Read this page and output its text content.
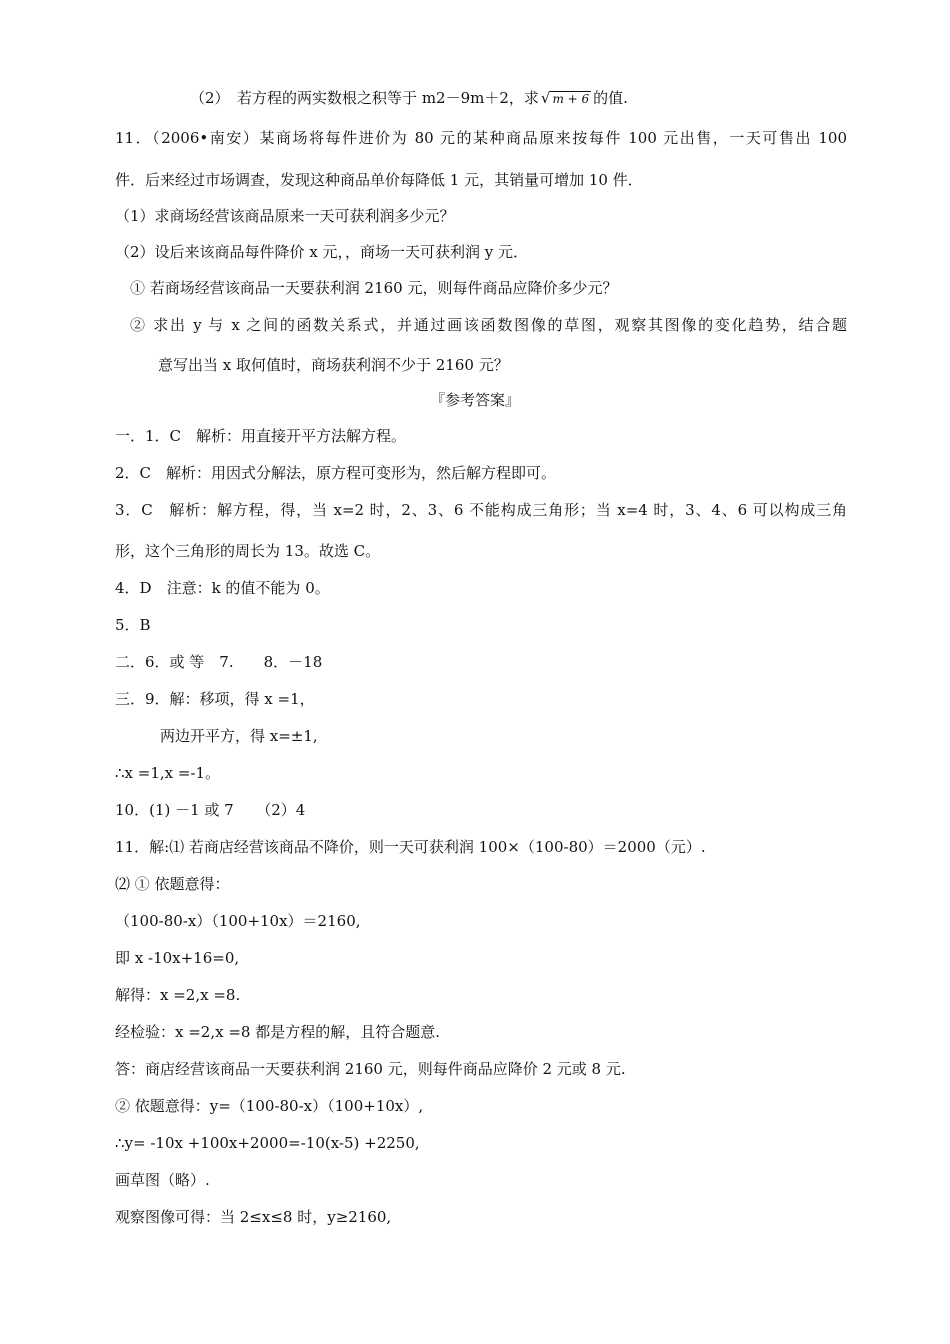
（2）　若方程的两实数根之积等于 m2－9m＋2，求 √ m + 6 的值.
11．（2006•南安）某商场将每件进价为 80 元的某种商品原来按每件 100 元出售，一天可售出 100
件．后来经过市场调查，发现这种商品单价每降低 1 元，其销量可增加 10 件．
（1）求商场经营该商品原来一天可获利润多少元？
（2）设后来该商品每件降价 x 元，，商场一天可获利润 y 元．
① 若商场经营该商品一天要获利润 2160 元，则每件商品应降价多少元？
② 求出 y 与 x 之间的函数关系式，并通过画该函数图像的草图，观察其图像的变化趋势，结合题
意写出当 x 取何值时，商场获利润不少于 2160 元？
『参考答案』
一．1．C　解析：用直接开平方法解方程。
2．C　解析：用因式分解法，原方程可变形为，然后解方程即可。
3．C　解析：解方程，得，当 x=2 时，2、3、6 不能构成三角形；当 x=4 时，3、4、6 可以构成三角
形，这个三角形的周长为 13。故选 C。
4．D　注意：k 的值不能为 0。
5．B
二．6．或 等　7.　　8．－18
三．9．解：移项，得 x =1，
两边开平方，得 x=±1,
∴x =1,x =-1。
10．(1) －1 或 7　　（2）4
11．解:⑴ 若商店经营该商品不降价，则一天可获利润 100×（100-80）＝2000（元）.
⑵ ① 依题意得：
（100-80-x）（100+10x）＝2160,
即 x -10x+16=0,
解得：x =2,x =8.
经检验：x =2,x =8 都是方程的解，且符合题意.
答：商店经营该商品一天要获利润 2160 元，则每件商品应降价 2 元或 8 元.
② 依题意得：y=（100-80-x）（100+10x）,
∴y= -10x +100x+2000=-10(x-5) +2250,
画草图（略）.
观察图像可得：当 2≤x≤8 时，y≥2160,
